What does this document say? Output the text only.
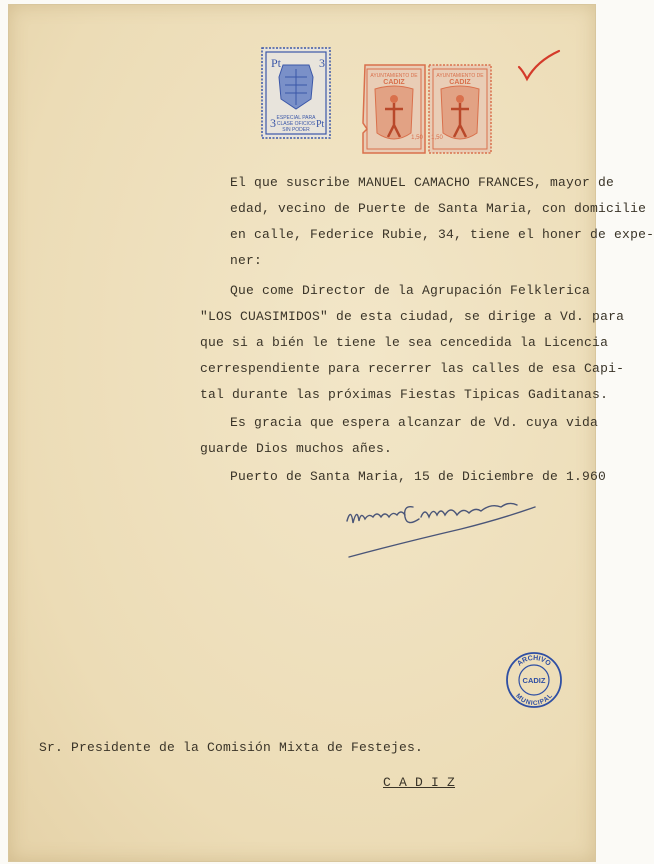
Pt	3
3	Pt
ESPECIAL PARA
CLASE OFICIOS
SIN PODER
AYUNTAMIENTO DE
CADIZ
1,50
AYUNTAMIENTO DE
CADIZ
1,50
El que suscribe MANUEL CAMACHO FRANCES, mayor de
edad, vecino de Puerte de Santa Maria, con domicilie
en calle, Federice Rubie, 34, tiene el honer de expe-
ner:
Que come Director de la Agrupación Felklerica
"LOS CUASIMIDOS" de esta ciudad, se dirige a Vd. para
que si a bién le tiene le sea cencedida la Licencia
cerrespendiente para recerrer las calles de esa Capi-
tal durante las próximas Fiestas Tipicas Gaditanas.
Es gracia que espera alcanzar de Vd. cuya vida
guarde Dios muchos añes.
Puerto de Santa Maria, 15 de Diciembre de 1.960
ARCHIVO
CADIZ
MUNICIPAL
Sr. Presidente de la Comisión Mixta de Festejes.
C A D I Z
